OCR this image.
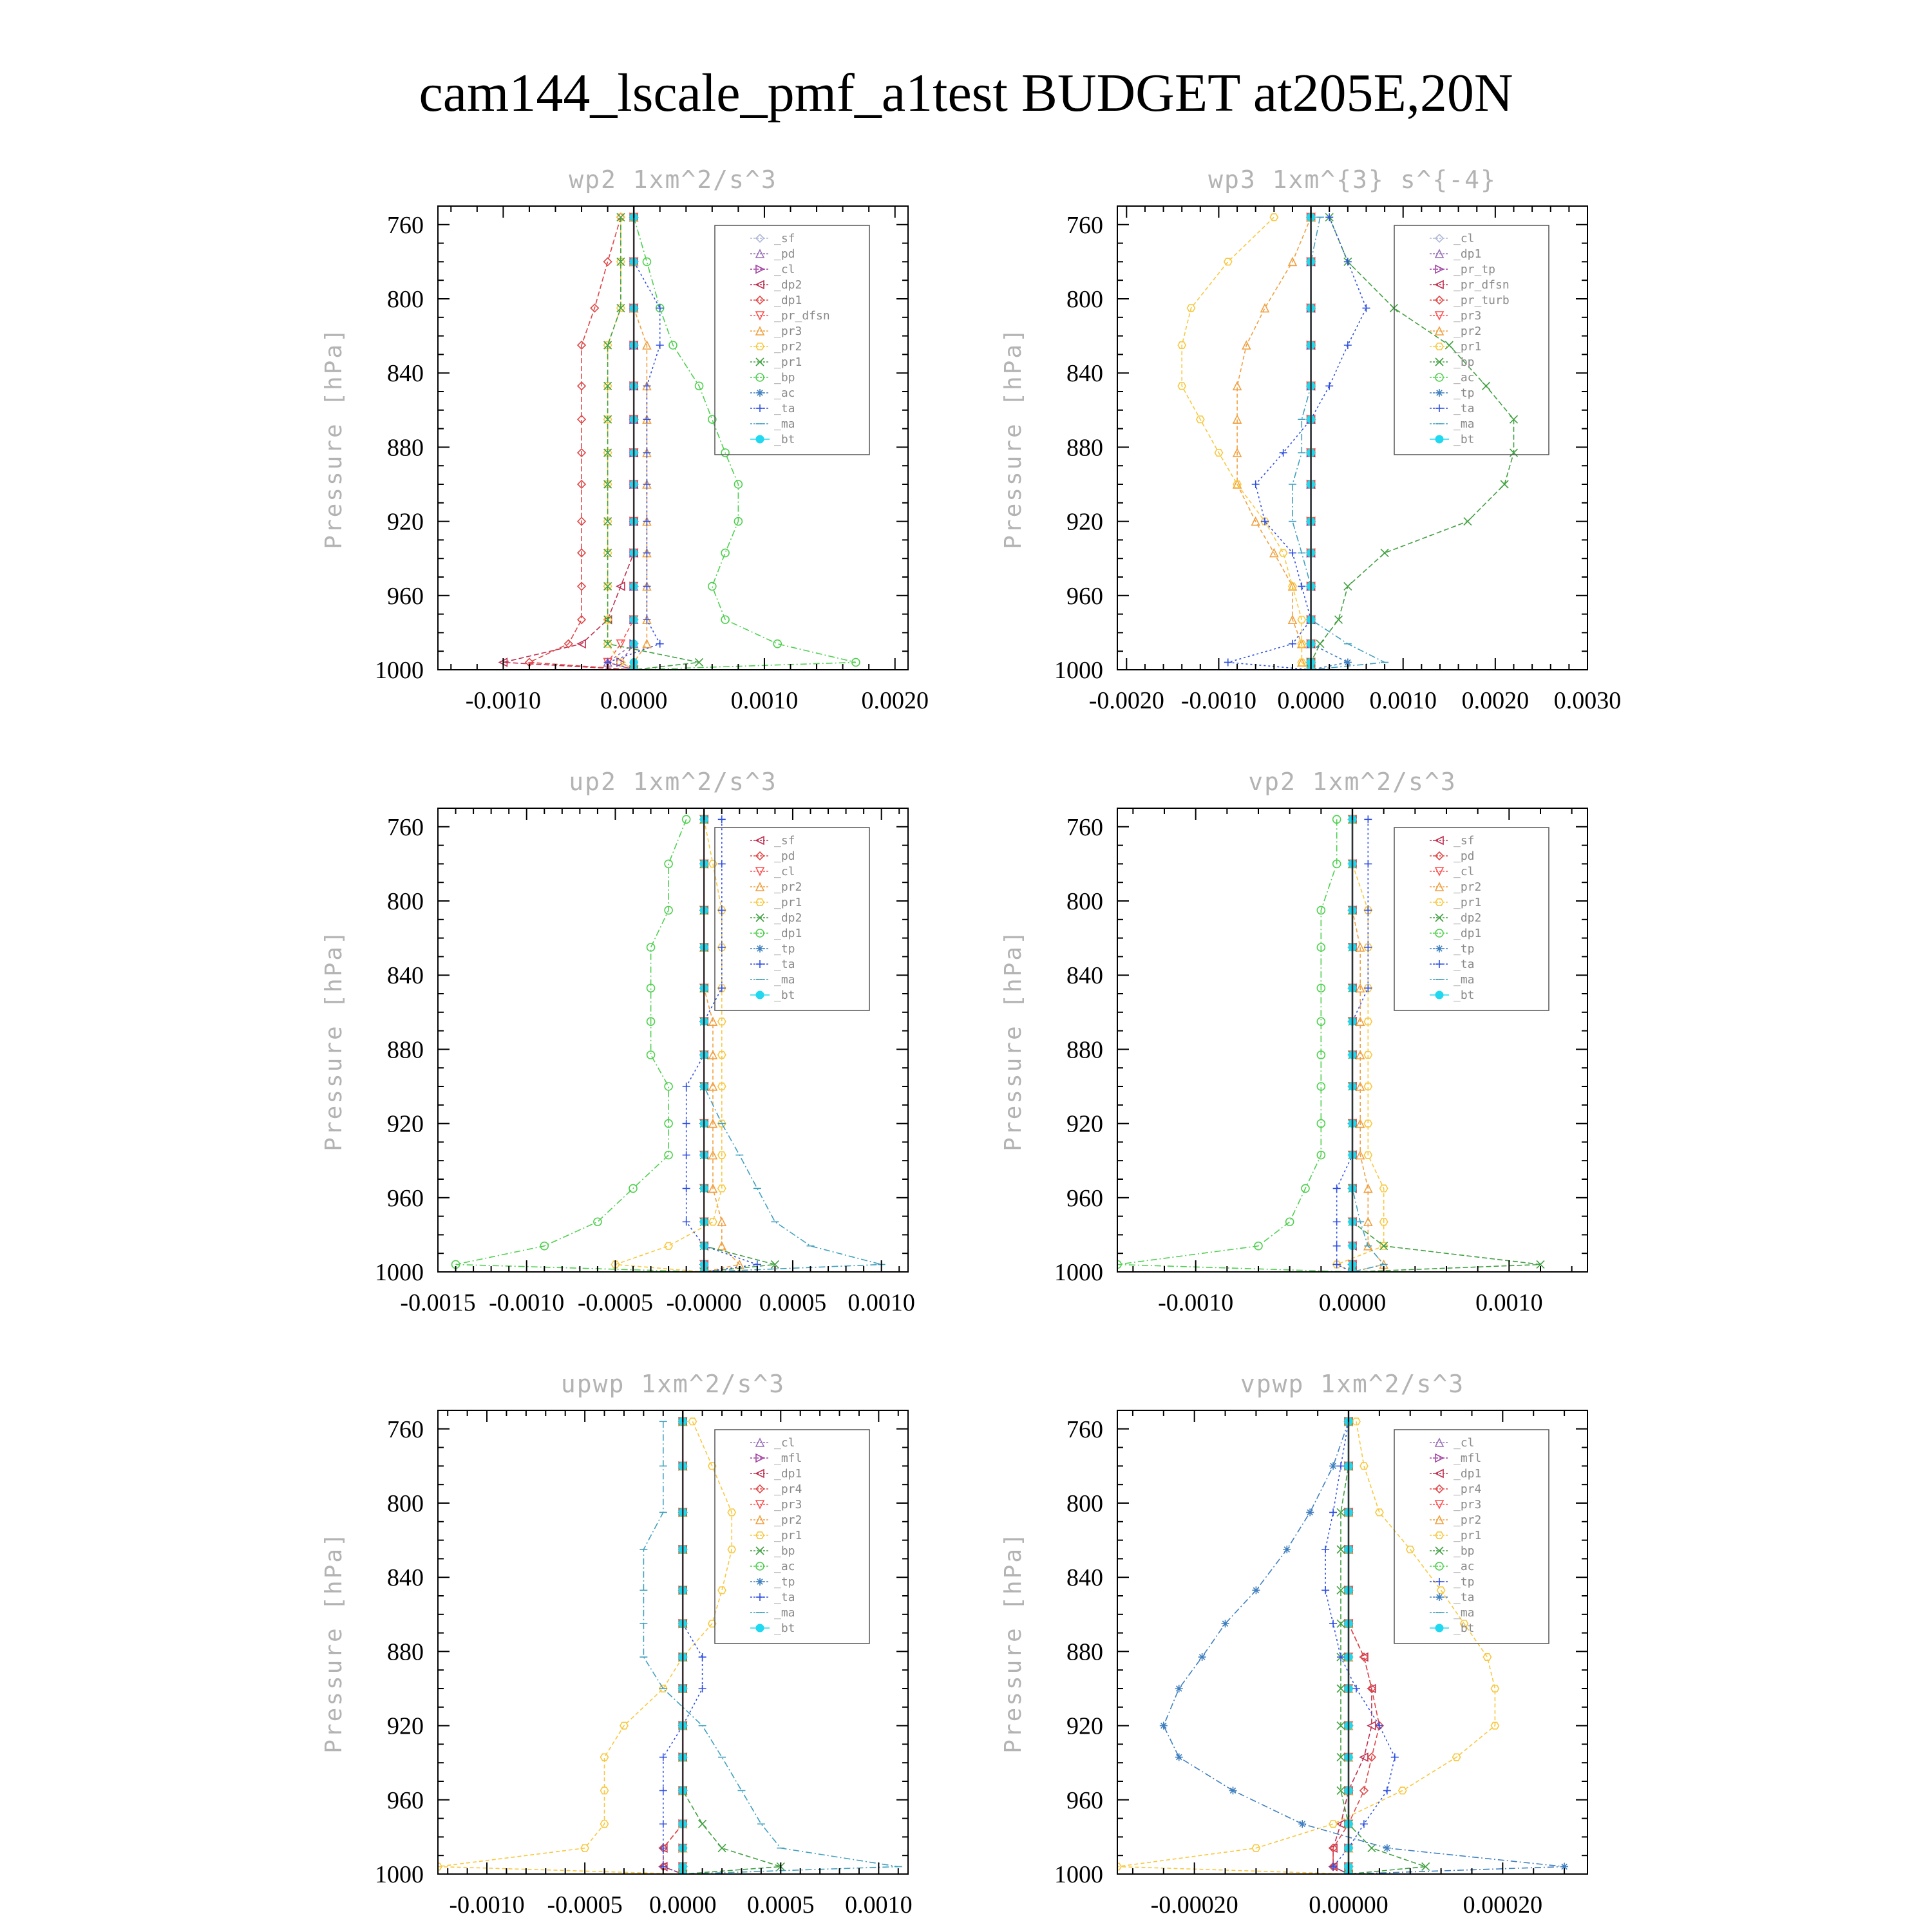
cam144_lscale_pmf_a1test BUDGET at205E,20N
wp2 1xm^2/s^3
Pressure [hPa]
760
800
840
880
920
960
1000
-0.0010 0.0000	0.0010	0.0020
_sf
_pd
_cl
_dp2
_dp1
_pr_dfsn
_pr3
_pr2
_pr1
_bp
_ac
_ta
_ma
_bt
wp3 1xm^{3} s^{-4}
Pressure [hPa]
760
800
840
880
920
960
1000
-0.0020 -0.0010 0.0000 0.0010 0.0020 0.0030
_cl
_dp1
_pr_tp
_pr_dfsn
_pr_turb
_pr3
_pr2
_pr1
_bp
_ac
_tp
_ta
_ma
_bt
up2 1xm^2/s^3
Pressure [hPa]
760
800
840
880
920
960
1000
-0.0015 -0.0010 -0.0005 -0.0000 0.0005 0.0010
_sf
_pd
_cl
_pr2
_pr1
_dp2
_dp1
_tp
_ta
_ma
_bt
vp2 1xm^2/s^3
Pressure [hPa]
760
800
840
880
920
960
1000
-0.0010	0.0000	0.0010
_sf
_pd
_cl
_pr2
_pr1
_dp2
_dp1
_tp
_ta
_ma
_bt
upwp 1xm^2/s^3
Pressure [hPa]
760
800
840
880
920
960
1000
-0.0010 -0.0005 0.0000 0.0005 0.0010
_cl
_mfl
_dp1
_pr4
_pr3
_pr2
_pr1
_bp
_ac
_tp
_ta
_ma
_bt
vpwp 1xm^2/s^3
Pressure [hPa]
760
800
840
880
920
960
1000
-0.00020	0.00000	0.00020
_cl
_mfl
_dp1
_pr4
_pr3
_pr2
_pr1
_bp
_ac
_tp
_ta
_ma
_bt
